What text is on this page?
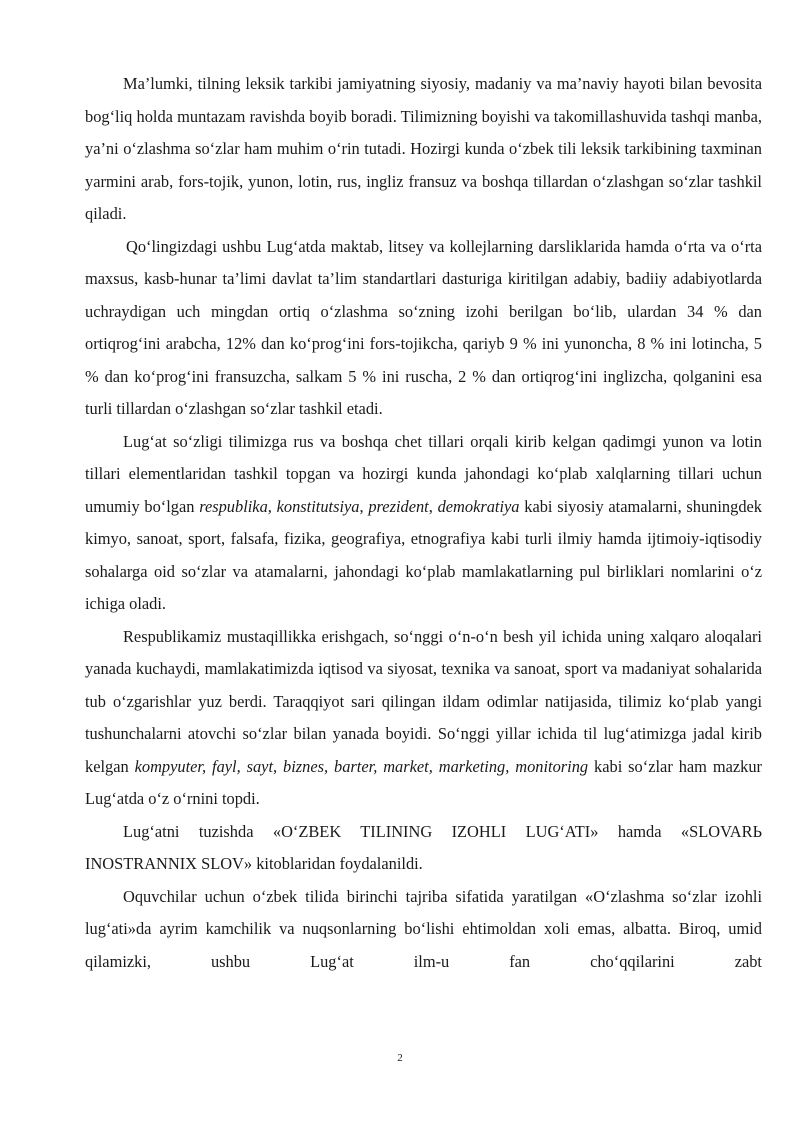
Ma’lumki, tilning leksik tarkibi jamiyatning siyosiy, madaniy va ma’naviy hayoti bilan bevosita bog‘liq holda muntazam ravishda boyib boradi. Tilimizning boyishi va takomillashuvida tashqi manba, ya’ni o‘zlashma so‘zlar ham muhim o‘rin tutadi. Hozirgi kunda o‘zbek tili leksik tarkibining taxminan yarmini arab, fors-tojik, yunon, lotin, rus, ingliz fransuz va boshqa tillardan o‘zlashgan so‘zlar tashkil qiladi.

Qo‘lingizdagi ushbu Lug‘atda maktab, litsey va kollejlarning darsliklarida hamda o‘rta va o‘rta maxsus, kasb-hunar ta’limi davlat ta’lim standartlari dasturiga kiritilgan adabiy, badiiy adabiyotlarda uchraydigan uch mingdan ortiq o‘zlashma so‘zning izohi berilgan bo‘lib, ulardan 34 % dan ortiqrog‘ini arabcha, 12% dan ko‘prog‘ini fors-tojikcha, qariyb 9 % ini yunoncha, 8 % ini lotincha, 5 % dan ko‘prog‘ini fransuzcha, salkam 5 % ini ruscha, 2 % dan ortiqrog‘ini inglizcha, qolganini esa turli tillardan o‘zlashgan so‘zlar tashkil etadi.

Lug‘at so‘zligi tilimizga rus va boshqa chet tillari orqali kirib kelgan qadimgi yunon va lotin tillari elementlaridan tashkil topgan va hozirgi kunda jahondagi ko‘plab xalqlarning tillari uchun umumiy bo‘lgan respublika, konstitutsiya, prezident, demokratiya kabi siyosiy atamalarni, shuningdek kimyo, sanoat, sport, falsafa, fizika, geografiya, etnografiya kabi turli ilmiy hamda ijtimoiy-iqtisodiy sohalarga oid so‘zlar va atamalarni, jahondagi ko‘plab mamlakatlarning pul birliklari nomlarini o‘z ichiga oladi.

Respublikamiz mustaqillikka erishgach, so‘nggi o‘n-o‘n besh yil ichida uning xalqaro aloqalari yanada kuchaydi, mamlakatimizda iqtisod va siyosat, texnika va sanoat, sport va madaniyat sohalarida tub o‘zgarishlar yuz berdi. Taraqqiyot sari qilingan ildam odimlar natijasida, tilimiz ko‘plab yangi tushunchalarni atovchi so‘zlar bilan yanada boyidi. So‘nggi yillar ichida til lug‘atimizga jadal kirib kelgan kompyuter, fayl, sayt, biznes, barter, market, marketing, monitoring kabi so‘zlar ham mazkur Lug‘atda o‘z o‘rnini topdi.

Lug‘atni tuzishda «O‘ZBEK TILINING IZOHLI LUG‘ATI» hamda «SLOVARЬ INOSTRANNIX SLOV» kitoblaridan foydalanildi.

Oquvchilar uchun o‘zbek tilida birinchi tajriba sifatida yaratilgan «O‘zlashma so‘zlar izohli lug‘ati»da ayrim kamchilik va nuqsonlarning bo‘lishi ehtimoldan xoli emas, albatta. Biroq, umid qilamizki, ushbu Lug‘at ilm-u fan cho‘qqilarini zabt

2
